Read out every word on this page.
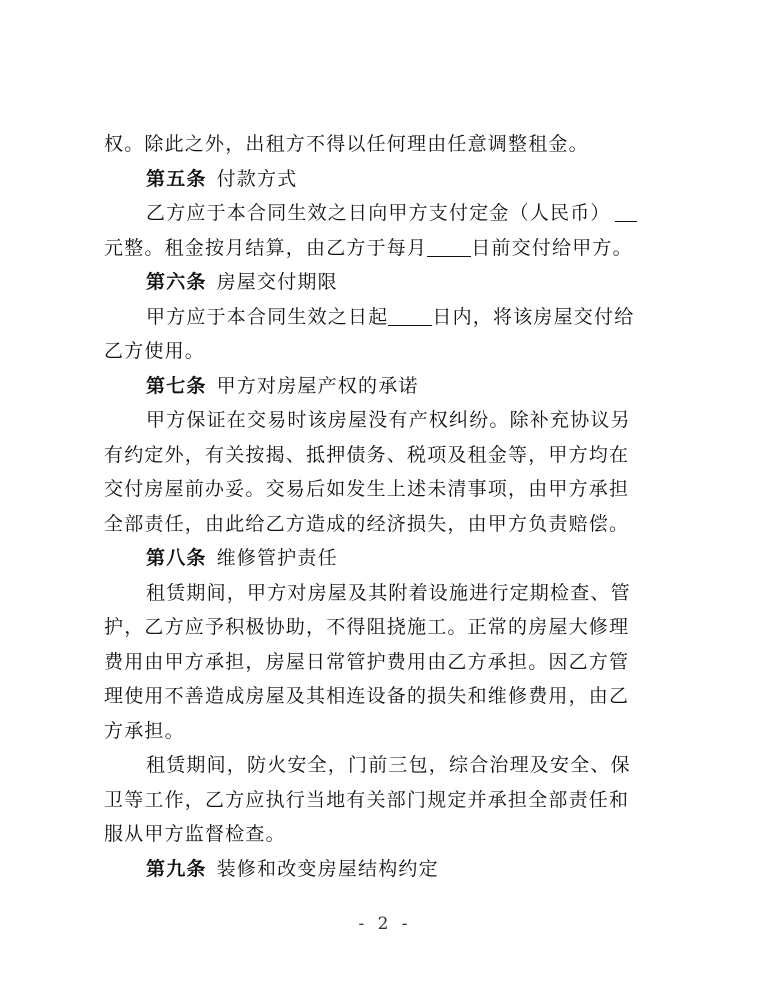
权。除此之外，出租方不得以任何理由任意调整租金。
第五条 付款方式
乙方应于本合同生效之日向甲方支付定金（人民币）
元整。租金按月结算，由乙方于每月 日前交付给甲方。
第六条 房屋交付期限
甲方应于本合同生效之日起 日内，将该房屋交付给
乙方使用。
第七条 甲方对房屋产权的承诺
甲方保证在交易时该房屋没有产权纠纷。除补充协议另
有约定外，有关按揭、抵押债务、税项及租金等，甲方均在
交付房屋前办妥。交易后如发生上述未清事项，由甲方承担
全部责任，由此给乙方造成的经济损失，由甲方负责赔偿。
第八条 维修管护责任
租赁期间，甲方对房屋及其附着设施进行定期检查、管
护，乙方应予积极协助，不得阻挠施工。正常的房屋大修理
费用由甲方承担，房屋日常管护费用由乙方承担。因乙方管
理使用不善造成房屋及其相连设备的损失和维修费用，由乙
方承担。
租赁期间，防火安全，门前三包，综合治理及安全、保
卫等工作，乙方应执行当地有关部门规定并承担全部责任和
服从甲方监督检查。
第九条 装修和改变房屋结构约定
- 2 -
